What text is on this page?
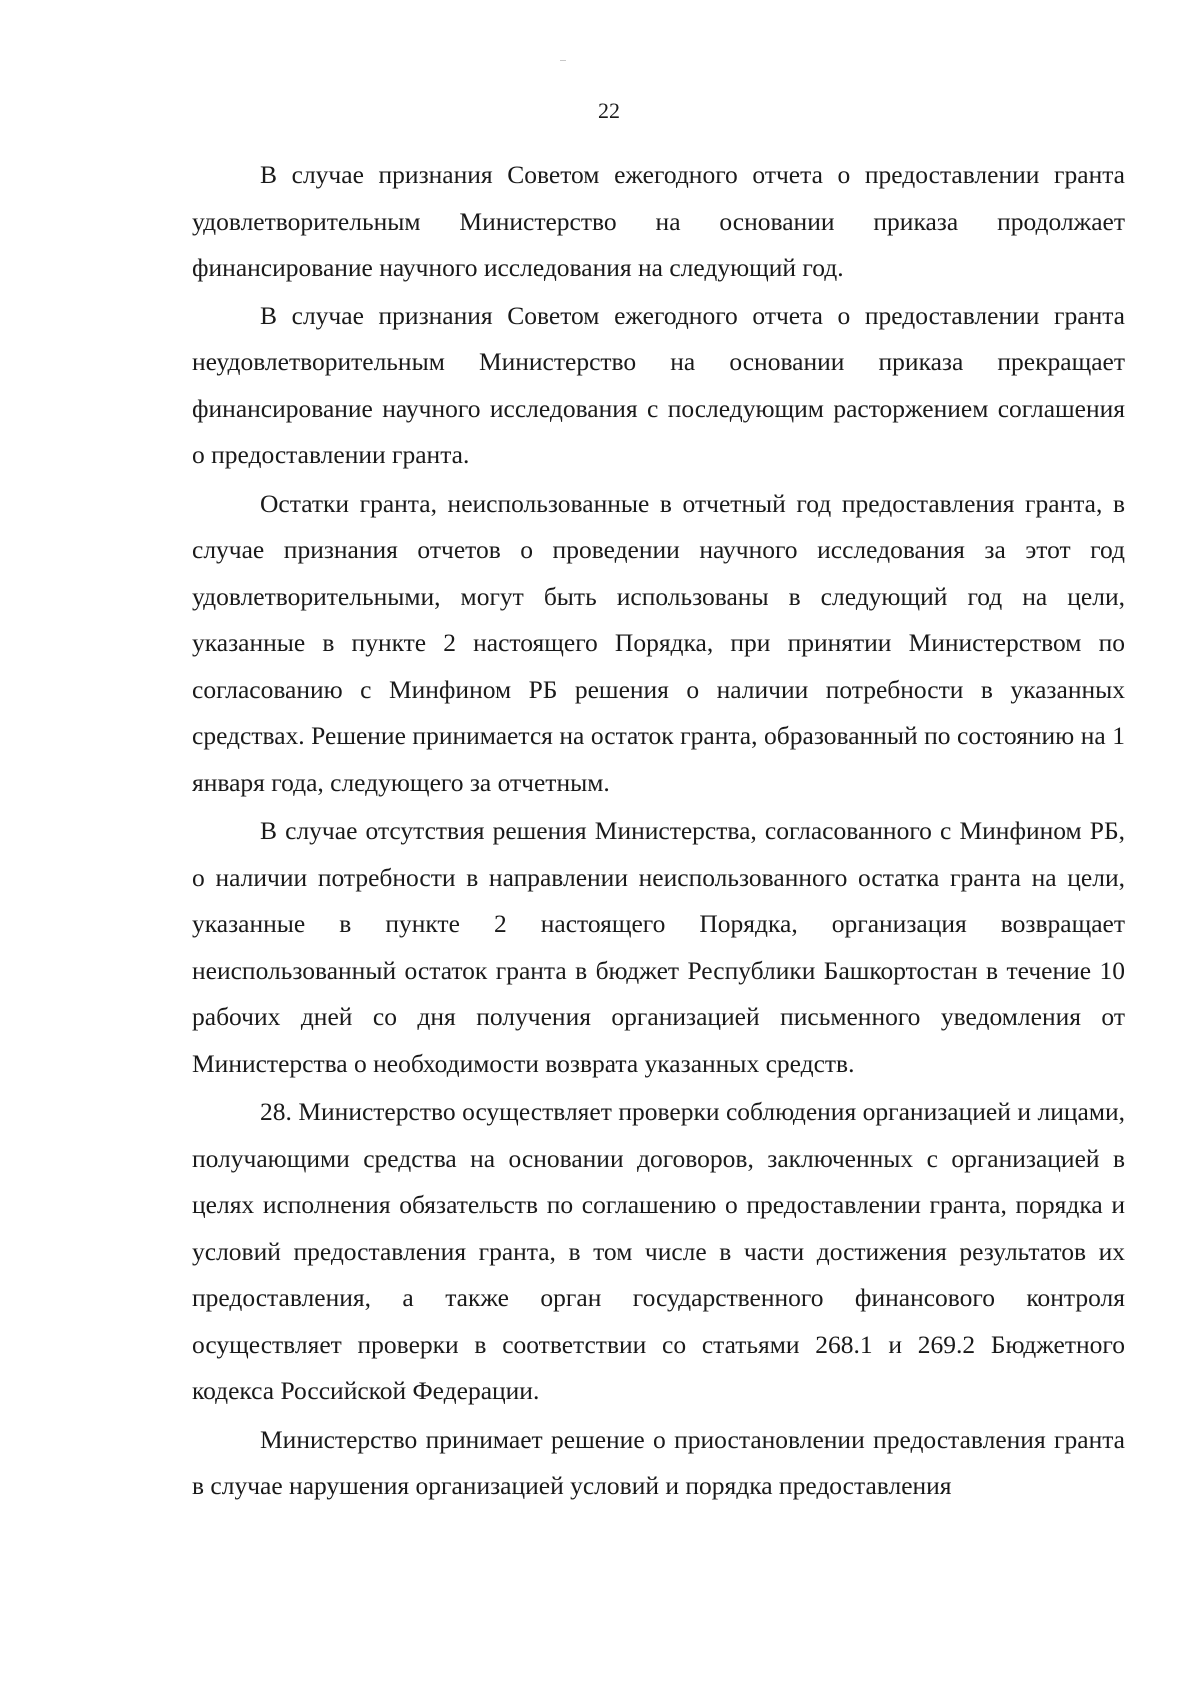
22

В случае признания Советом ежегодного отчета о предоставлении гранта удовлетворительным Министерство на основании приказа продолжает финансирование научного исследования на следующий год.

В случае признания Советом ежегодного отчета о предоставлении гранта неудовлетворительным Министерство на основании приказа прекращает финансирование научного исследования с последующим расторжением соглашения о предоставлении гранта.

Остатки гранта, неиспользованные в отчетный год предоставления гранта, в случае признания отчетов о проведении научного исследования за этот год удовлетворительными, могут быть использованы в следующий год на цели, указанные в пункте 2 настоящего Порядка, при принятии Министерством по согласованию с Минфином РБ решения о наличии потребности в указанных средствах. Решение принимается на остаток гранта, образованный по состоянию на 1 января года, следующего за отчетным.

В случае отсутствия решения Министерства, согласованного с Минфином РБ, о наличии потребности в направлении неиспользованного остатка гранта на цели, указанные в пункте 2 настоящего Порядка, организация возвращает неиспользованный остаток гранта в бюджет Республики Башкортостан в течение 10 рабочих дней со дня получения организацией письменного уведомления от Министерства о необходимости возврата указанных средств.

28. Министерство осуществляет проверки соблюдения организацией и лицами, получающими средства на основании договоров, заключенных с организацией в целях исполнения обязательств по соглашению о предоставлении гранта, порядка и условий предоставления гранта, в том числе в части достижения результатов их предоставления, а также орган государственного финансового контроля осуществляет проверки в соответствии со статьями 268.1 и 269.2 Бюджетного кодекса Российской Федерации.

Министерство принимает решение о приостановлении предоставления гранта в случае нарушения организацией условий и порядка предоставления
